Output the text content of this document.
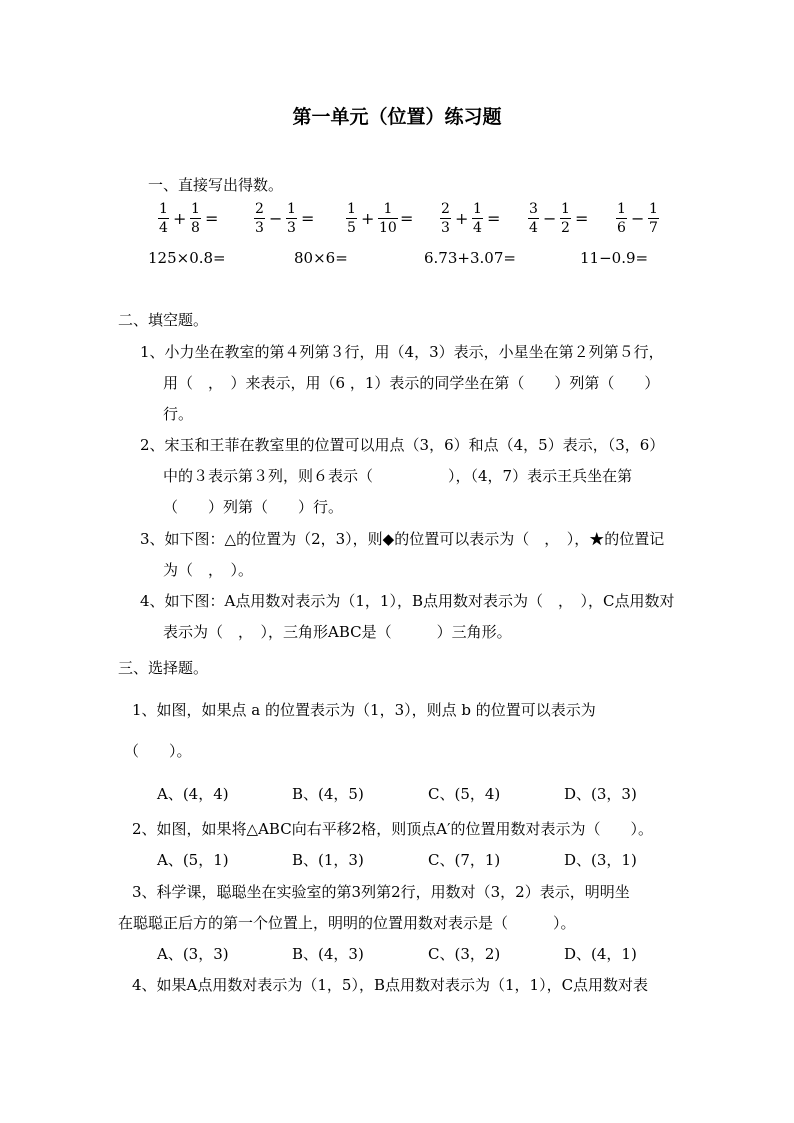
第一单元（位置）练习题
一、直接写出得数。
1
4 + 1
8 =	2
3 − 1
3 = 1
5 + 1
10 = 2
3 + 1
4 = 3
4 − 1
2 = 1
6 − 1
7
125×0.8=	80×6=	6.73+3.07=	11−0.9=
二、填空题。
1、小力坐在教室的第４列第３行，用（4，3）表示，小星坐在第２列第５行，
用（　，　）来表示，用（6 ，1）表示的同学坐在第（　　）列第（　　）
行。
2、宋玉和王菲在教室里的位置可以用点（3，6）和点（4，5）表示，（3，6）
中的３表示第３列，则６表示（　　　　　），（4，7）表示王兵坐在第
（　　）列第（　　）行。
3、如下图：△的位置为（2，3），则◆的位置可以表示为（　，　），★的位置记
为（　，　）。
4、如下图：A点用数对表示为（1，1），B点用数对表示为（　，　），C点用数对
表示为（　，　），三角形ABC是（　　　）三角形。
三、选择题。
1、如图，如果点 a 的位置表示为（1，3），则点 b 的位置可以表示为
（　　）。
A、(4，4)	B、(4，5)	C、(5，4)	D、(3，3)
2、如图，如果将△ABC向右平移2格，则顶点A′的位置用数对表示为（　　）。
A、(5，1)	B、(1，3)	C、(7，1)	D、(3，1)
3、科学课，聪聪坐在实验室的第3列第2行，用数对（3，2）表示，明明坐
在聪聪正后方的第一个位置上，明明的位置用数对表示是（　　　）。
A、(3，3)	B、(4，3)	C、(3，2)	D、(4，1)
4、如果A点用数对表示为（1，5），B点用数对表示为（1，1），C点用数对表
